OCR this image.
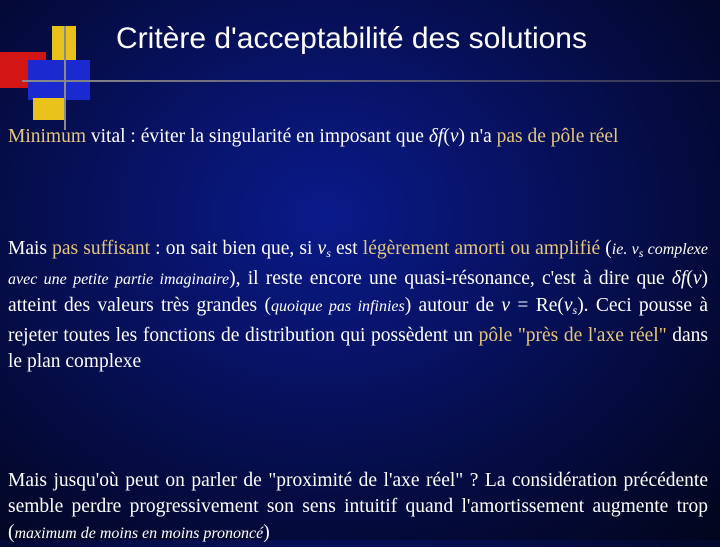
Critère d'acceptabilité des solutions
Minimum vital : éviter la singularité en imposant que δf(v) n'a pas de pôle réel
Mais pas suffisant : on sait bien que, si $v_s$ est légèrement amorti ou amplifié (ie. $v_s$ complexe avec une petite partie imaginaire), il reste encore une quasi-résonance, c'est à dire que δf(v) atteint des valeurs très grandes (quoique pas infinies) autour de $v = Re(v_s)$. Ceci pousse à rejeter toutes les fonctions de distribution qui possèdent un pôle "près de l'axe réel" dans le plan complexe
Mais jusqu'où peut on parler de "proximité de l'axe réel" ? La considération précédente semble perdre progressivement son sens intuitif quand l'amortissement augmente trop (maximum de moins en moins prononcé)
